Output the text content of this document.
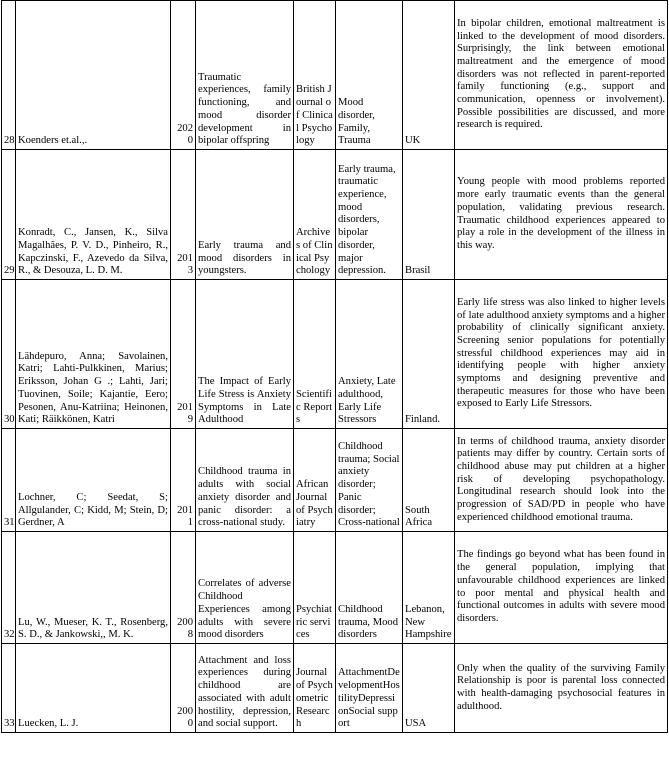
28	Koenders et.al.,.	2020	Traumatic experiences, family functioning, and mood disorder development in bipolar offspring	British Journal of Clinical Psychology	Mood disorder, Family, Trauma	UK	In bipolar children, emotional maltreatment is linked to the development of mood disorders. Surprisingly, the link between emotional maltreatment and the emergence of mood disorders was not reflected in parent-reported family functioning (e.g., support and communication, openness or involvement). Possible possibilities are discussed, and more research is required.
29	Konradt, C., Jansen, K., Silva Magalhães, P. V. D., Pinheiro, R., Kapczinski, F., Azevedo da Silva, R., & Desouza, L. D. M.	2013	Early trauma and mood disorders in youngsters.	Archives of Clinical Psychology	Early trauma, traumatic experience, mood disorders, bipolar disorder, major depression.	Brasil	Young people with mood problems reported more early traumatic events than the general population, validating previous research. Traumatic childhood experiences appeared to play a role in the development of the illness in this way.
30	Lähdepuro, Anna; Savolainen, Katri; Lahti-Pulkkinen, Marius; Eriksson, Johan G .; Lahti, Jari; Tuovinen, Soile; Kajantie, Eero; Pesonen, Anu-Katriina; Heinonen, Kati; Räikkönen, Katri	2019	The Impact of Early Life Stress is Anxiety Symptoms in Late Adulthood	Scientific Reports	Anxiety, Late adulthood, Early Life Stressors	Finland.	Early life stress was also linked to higher levels of late adulthood anxiety symptoms and a higher probability of clinically significant anxiety. Screening senior populations for potentially stressful childhood experiences may aid in identifying people with higher anxiety symptoms and designing preventive and therapeutic measures for those who have been exposed to Early Life Stressors.
31	Lochner, C; Seedat, S; Allgulander, C; Kidd, M; Stein, D; Gerdner, A	2011	Childhood trauma in adults with social anxiety disorder and panic disorder: a cross-national study.	African Journal of Psychiatry	Childhood trauma; Social anxiety disorder; Panic disorder; Cross-national	South Africa	In terms of childhood trauma, anxiety disorder patients may differ by country. Certain sorts of childhood abuse may put children at a higher risk of developing psychopathology. Longitudinal research should look into the progression of SAD/PD in people who have experienced childhood emotional trauma.
32	Lu, W., Mueser, K. T., Rosenberg, S. D., & Jankowski,, M. K.	2008	Correlates of adverse Childhood Experiences among adults with severe mood disorders	Psychiatric services	Childhood trauma, Mood disorders	Lebanon, New Hampshire	The findings go beyond what has been found in the general population, implying that unfavourable childhood experiences are linked to poor mental and physical health and functional outcomes in adults with severe mood disorders.
33	Luecken, L. J.	2000	Attachment and loss experiences during childhood are associated with adult hostility, depression, and social support.	Journal of Psychometric Research	AttachmentDevelopmentHostilityDepressionSocial support	USA	Only when the quality of the surviving Family Relationship is poor is parental loss connected with health-damaging psychosocial features in adulthood.
